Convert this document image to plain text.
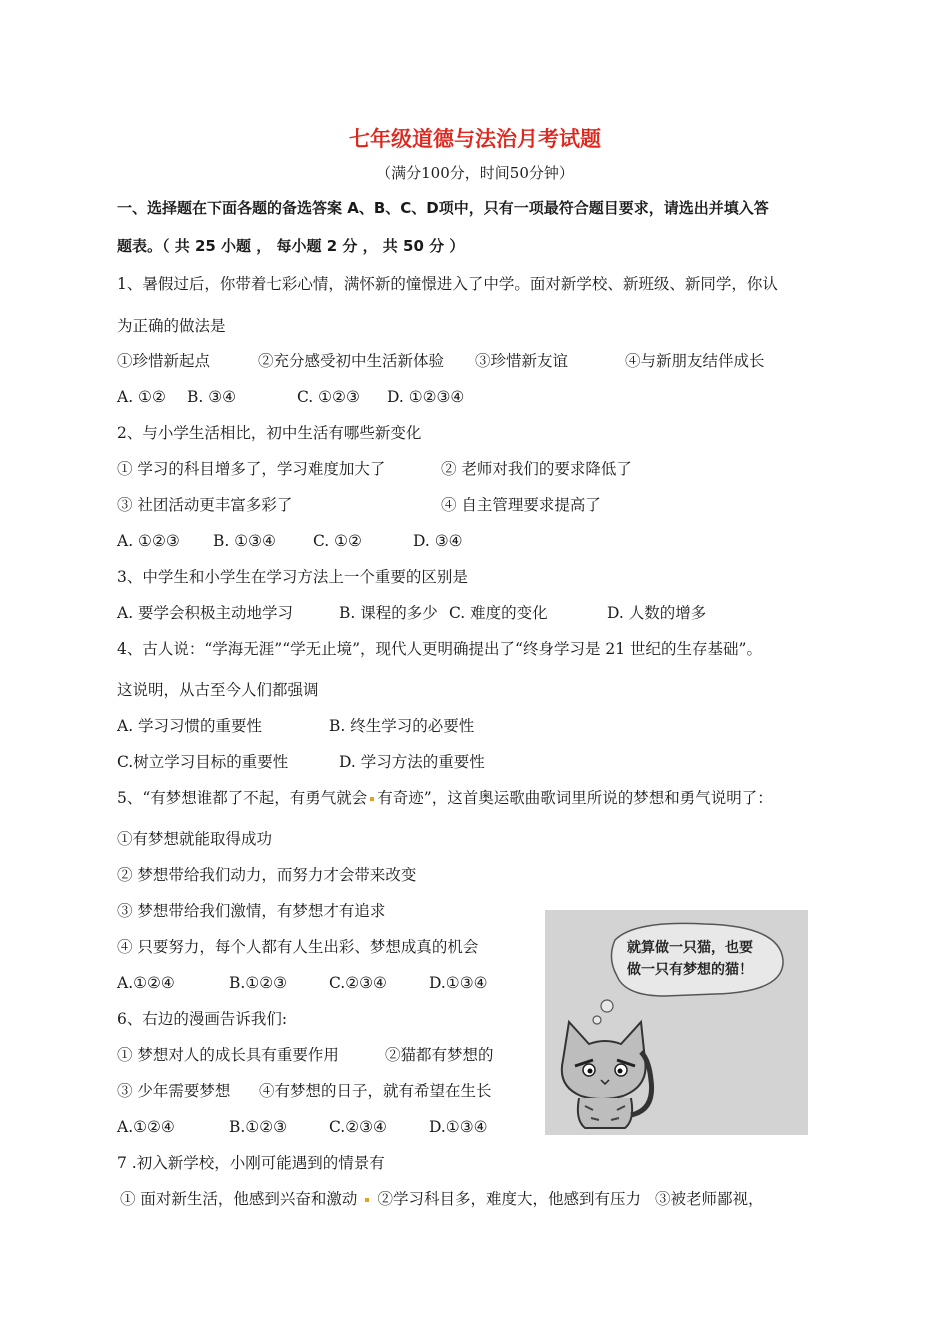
七年级道德与法治月考试题
（满分100分，时间50分钟）
一、选择题在下面各题的备选答案 A、B、C、D项中，只有一项最符合题目要求，请选出并填入答
题表。（ 共 25 小题 ， 每小题 2 分 ， 共 50 分 ）
1、暑假过后，你带着七彩心情，满怀新的憧憬进入了中学。面对新学校、新班级、新同学，你认
为正确的做法是
①珍惜新起点	②充分感受初中生活新体验 ③珍惜新友谊	④与新朋友结伴成长
A. ①② B. ③④	C. ①②③ D. ①②③④
2、与小学生活相比，初中生活有哪些新变化
① 学习的科目增多了，学习难度加大了	② 老师对我们的要求降低了
③ 社团活动更丰富多彩了	④ 自主管理要求提高了
A. ①②③ B. ①③④ C. ①②	D. ③④
3、中学生和小学生在学习方法上一个重要的区别是
A. 要学会积极主动地学习	B. 课程的多少 C. 难度的变化	D. 人数的增多
4、古人说：“学海无涯”“学无止境”，现代人更明确提出了“终身学习是 21 世纪的生存基础”。
这说明，从古至今人们都强调
A. 学习习惯的重要性	B. 终生学习的必要性
C.树立学习目标的重要性	D. 学习方法的重要性
5、“有梦想谁都了不起，有勇气就会 有奇迹”，这首奥运歌曲歌词里所说的梦想和勇气说明了：
①有梦想就能取得成功
② 梦想带给我们动力，而努力才会带来改变
③ 梦想带给我们激情，有梦想才有追求
④ 只要努力，每个人都有人生出彩、梦想成真的机会
A.①②④	B.①②③	C.②③④	D.①③④
6、右边的漫画告诉我们:
① 梦想对人的成长具有重要作用	②猫都有梦想的
③ 少年需要梦想 ④有梦想的日子，就有希望在生长
A.①②④	B.①②③	C.②③④	D.①③④
就算做一只猫，也要
做一只有梦想的猫！
7 .初入新学校，小刚可能遇到的情景有
① 面对新生活，他感到兴奋和激动 ②学习科目多，难度大，他感到有压力 ③被老师鄙视，
